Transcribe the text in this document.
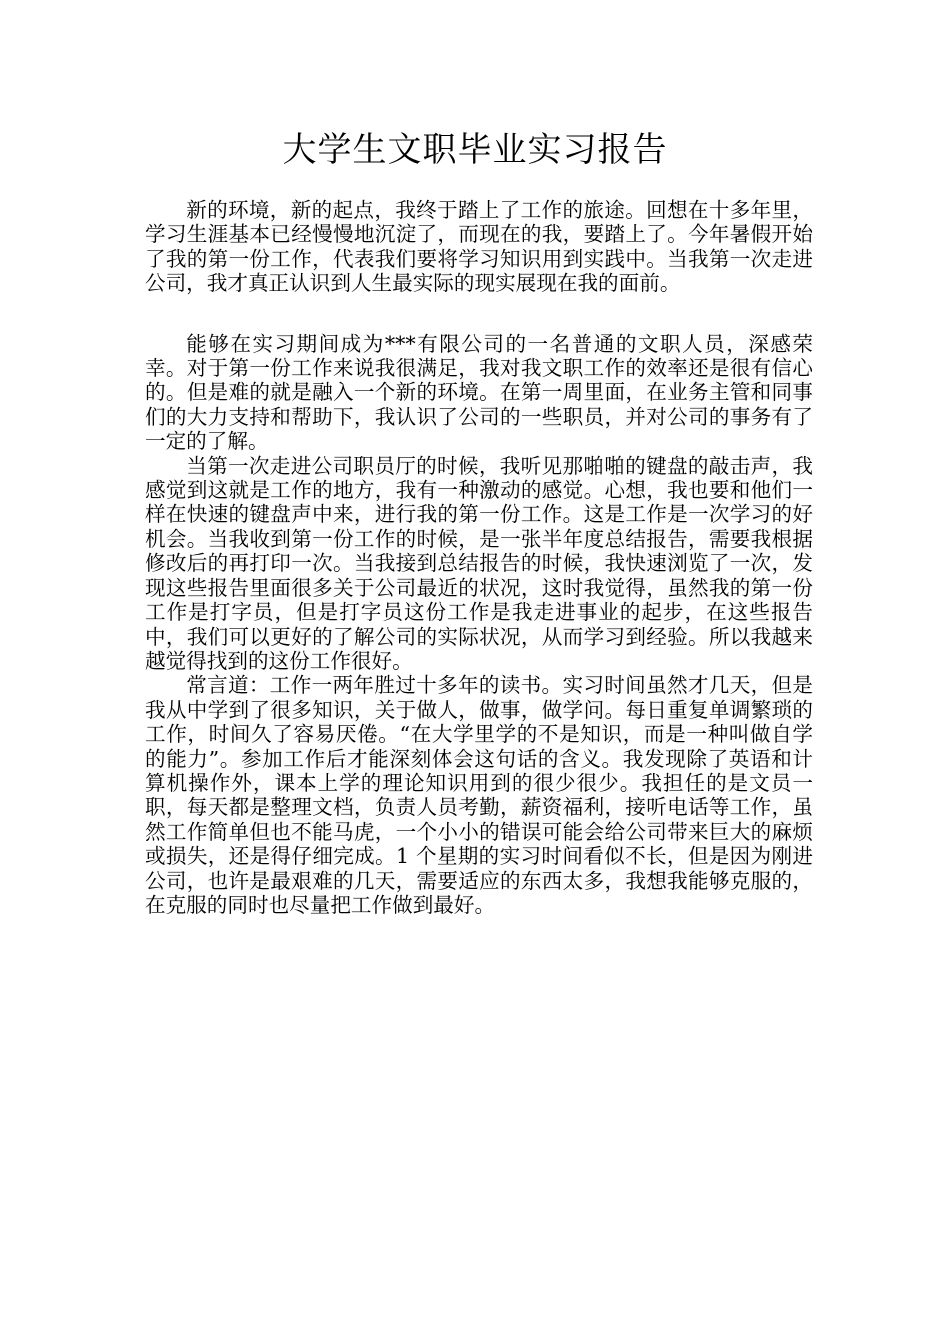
大学生文职毕业实习报告

新的环境，新的起点，我终于踏上了工作的旅途。回想在十多年里，学习生涯基本已经慢慢地沉淀了，而现在的我，要踏上了。今年暑假开始了我的第一份工作，代表我们要将学习知识用到实践中。当我第一次走进公司，我才真正认识到人生最实际的现实展现在我的面前。

能够在实习期间成为***有限公司的一名普通的文职人员，深感荣幸。对于第一份工作来说我很满足，我对我文职工作的效率还是很有信心的。但是难的就是融入一个新的环境。在第一周里面，在业务主管和同事们的大力支持和帮助下，我认识了公司的一些职员，并对公司的事务有了一定的了解。

当第一次走进公司职员厅的时候，我听见那啪啪的键盘的敲击声，我感觉到这就是工作的地方，我有一种激动的感觉。心想，我也要和他们一样在快速的键盘声中来，进行我的第一份工作。这是工作是一次学习的好机会。当我收到第一份工作的时候，是一张半年度总结报告，需要我根据修改后的再打印一次。当我接到总结报告的时候，我快速浏览了一次，发现这些报告里面很多关于公司最近的状况，这时我觉得，虽然我的第一份工作是打字员，但是打字员这份工作是我走进事业的起步，在这些报告中，我们可以更好的了解公司的实际状况，从而学习到经验。所以我越来越觉得找到的这份工作很好。

常言道：工作一两年胜过十多年的读书。实习时间虽然才几天，但是我从中学到了很多知识，关于做人，做事，做学问。每日重复单调繁琐的工作，时间久了容易厌倦。“在大学里学的不是知识，而是一种叫做自学的能力”。参加工作后才能深刻体会这句话的含义。我发现除了英语和计算机操作外，课本上学的理论知识用到的很少很少。我担任的是文员一职，每天都是整理文档，负责人员考勤，薪资福利，接听电话等工作，虽然工作简单但也不能马虎，一个小小的错误可能会给公司带来巨大的麻烦或损失，还是得仔细完成。1 个星期的实习时间看似不长，但是因为刚进公司，也许是最艰难的几天，需要适应的东西太多，我想我能够克服的，在克服的同时也尽量把工作做到最好。
